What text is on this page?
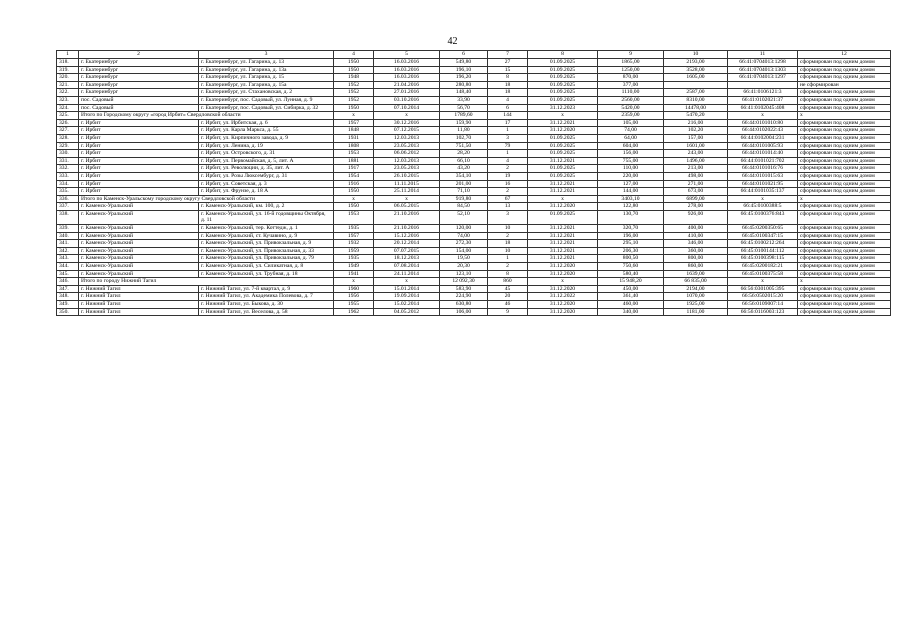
42
1	2	3	4	5	6	7	8	9	10	11	12
318.	г. Екатеринбург	г. Екатеринбург, ул. Гагарина, д. 13	1950	16.03.2016	549,80	27	01.09.2025	1865,00	2193,00	66:41:0704013:1298	сформирован под одним домом
319.	г. Екатеринбург	г. Екатеринбург, ул. Гагарина, д. 13а	1950	16.03.2016	196,10	15	01.09.2025	1250,00	3528,00	66:41:0704013:1303	сформирован под одним домом
320.	г. Екатеринбург	г. Екатеринбург, ул. Гагарина, д. 15	1948	16.03.2016	196,20	8	01.09.2025	870,00	1605,00	66:41:0704013:1297	сформирован под одним домом
321.	г. Екатеринбург	г. Екатеринбург, ул. Гагарина, д. 15а	1952	21.04.2016	280,80	18	01.09.2025	377,00			не сформирован
322.	г. Екатеринбург	г. Екатеринбург, ул. Стахановская, д. 2	1952	27.01.2016	148,40	18	01.09.2025	1110,00	2587,00	66:41:0106121:3	сформирован под одним домом
323.	пос. Садовый	г. Екатеринбург, пос. Садовый, ул. Лунная, д. 9	1952	03.10.2016	33,90	4	01.09.2025	2560,00	8310,00	66:41:0102021:37	сформирован под одним домом
324.	пос. Садовый	г. Екатеринбург, пос. Садовый, ул. Сибирка, д. 32	1950	07.10.2014	56,70	6	31.12.2023	5420,00	14478,00	66:41:0102045:408	сформирован под одним домом
325.	Итого по Городскому округу «город Ирбит» Свердловской области		x	x	1789,60	144	x	2359,00	5470,20	x	x
326.	г. Ирбит	г. Ирбит, ул. Ирбитская, д. 6	1957	30.12.2016	159,90	17	31.12.2021	105,00	216,00	66:44:0101010:80	сформирован под одним домом
327.	г. Ирбит	г. Ирбит, ул. Карла Маркса, д. 55	1848	07.12.2015	11,80	1	31.12.2020	74,00	102,20	66:44:0102022:43	сформирован под одним домом
328.	г. Ирбит	г. Ирбит, ул. Кирпичного завода, д. 9	1931	12.03.2013	102,70	3	01.09.2025	64,00	157,00	66:44:0102004:231	сформирован под одним домом
329.	г. Ирбит	г. Ирбит, ул. Ленина, д. 19	1808	23.05.2013	751,50	79	01.09.2025	604,00	1601,00	66:44:0101005:93	сформирован под одним домом
330.	г. Ирбит	г. Ирбит, ул. Островского, д. 31	1953	06.06.2012	28,20	1	01.09.2025	156,00	243,00	66:44:0101014:40	сформирован под одним домом
331.	г. Ирбит	г. Ирбит, ул. Первомайская, д. 5, лит. А	1881	12.03.2013	66,10	4	31.12.2021	755,00	1496,00	66:44:0101021:702	сформирован под одним домом
332.	г. Ирбит	г. Ирбит, ул. Революции, д. 35, лит. А	1917	23.05.2013	43,20	2	01.09.2025	110,00	213,00	66:44:0101016:76	сформирован под одним домом
333.	г. Ирбит	г. Ирбит, ул. Розы Люксембург, д. 31	1954	26.10.2015	354,10	19	01.09.2025	220,00	498,00	66:44:0101015:63	сформирован под одним домом
334.	г. Ирбит	г. Ирбит, ул. Советская, д. 3	1916	11.11.2015	201,00	16	31.12.2021	127,00	271,00	66:44:0101021:95	сформирован под одним домом
335.	г. Ирбит	г. Ирбит, ул. Фрунзе, д. 18 А	1950	25.11.2014	71,10	2	31.12.2021	144,00	673,00	66:44:0101035:137	сформирован под одним домом
336.	Итого по Каменск-Уральскому городскому округу Свердловской области		x	x	919,80	67	x	3403,10	6899,00	x	x
337.	г. Каменск-Уральский	г. Каменск-Уральский, км. 100, д. 2	1950	06.05.2015	84,50	13	31.12.2020	122,80	278,00	66:45:0100388:5	сформирован под одним домом
338.	г. Каменск-Уральский	г. Каменск-Уральский, ул. 16-й годовщины Октября, д. 11	1953	21.10.2016	52,10	3	01.09.2025	130,70	926,00	66:45:0100376:843	сформирован под одним домом
339.	г. Каменск-Уральский	г. Каменск-Уральский, тер. Коттедж, д. 1	1935	21.10.2016	120,00	10	31.12.2021	320,70	400,00	66:45:0200350:65	сформирован под одним домом
340.	г. Каменск-Уральский	г. Каменск-Уральский, ст. Кучавино, д. 9	1957	15.12.2016	74,00	2	31.12.2021	196,00	410,00	66:45:0100347:15	сформирован под одним домом
341.	г. Каменск-Уральский	г. Каменск-Уральский, ул. Привокзальная, д. 9	1932	20.12.2014	272,30	18	31.12.2021	295,10	346,00	66:45:0100212:264	сформирован под одним домом
342.	г. Каменск-Уральский	г. Каменск-Уральский, ул. Привокзальная, д. 33	1959	07.07.2015	154,00	10	31.12.2021	206,30	360,00	66:45:0100144:112	сформирован под одним домом
343.	г. Каменск-Уральский	г. Каменск-Уральский, ул. Привокзальная, д. 79	1935	18.12.2013	19,50	1	31.12.2021	800,50	800,00	66:45:0100398:115	сформирован под одним домом
344.	г. Каменск-Уральский	г. Каменск-Уральский, ул. Силикатная, д. 8	1949	07.08.2014	20,30	2	31.12.2020	750,60	860,00	66:45:0200182:21	сформирован под одним домом
345.	г. Каменск-Уральский	г. Каменск-Уральский, ул. Трубная, д. 18	1941	24.11.2014	123,10	8	31.12.2020	580,40	1639,00	66:45:0100375:58	сформирован под одним домом
346.	Итого по городу Нижний Тагил		x	x	12 092,30	860	x	15 948,20	66 835,00	x	x
347.	г. Нижний Тагил	г. Нижний Тагил, ул. 7-й квартал, д. 9	1960	15.01.2014	583,90	45	31.12.2020	450,00	2194,00	66:56:0301005:395	сформирован под одним домом
348.	г. Нижний Тагил	г. Нижний Тагил, ул. Академика Полевова, д. 7	1956	19.09.2014	224,90	20	31.12.2022	361,40	1070,00	66:56:0502015:20	сформирован под одним домом
349.	г. Нижний Тагил	г. Нижний Тагил, ул. Быкова, д. 30	1955	15.02.2014	630,80	46	31.12.2020	460,00	1925,00	66:56:0109007:14	сформирован под одним домом
350.	г. Нижний Тагил	г. Нижний Тагил, ул. Веселова, д. 58	1962	04.05.2012	106,00	9	31.12.2020	340,00	1181,00	66:56:0116003:123	сформирован под одним домом
